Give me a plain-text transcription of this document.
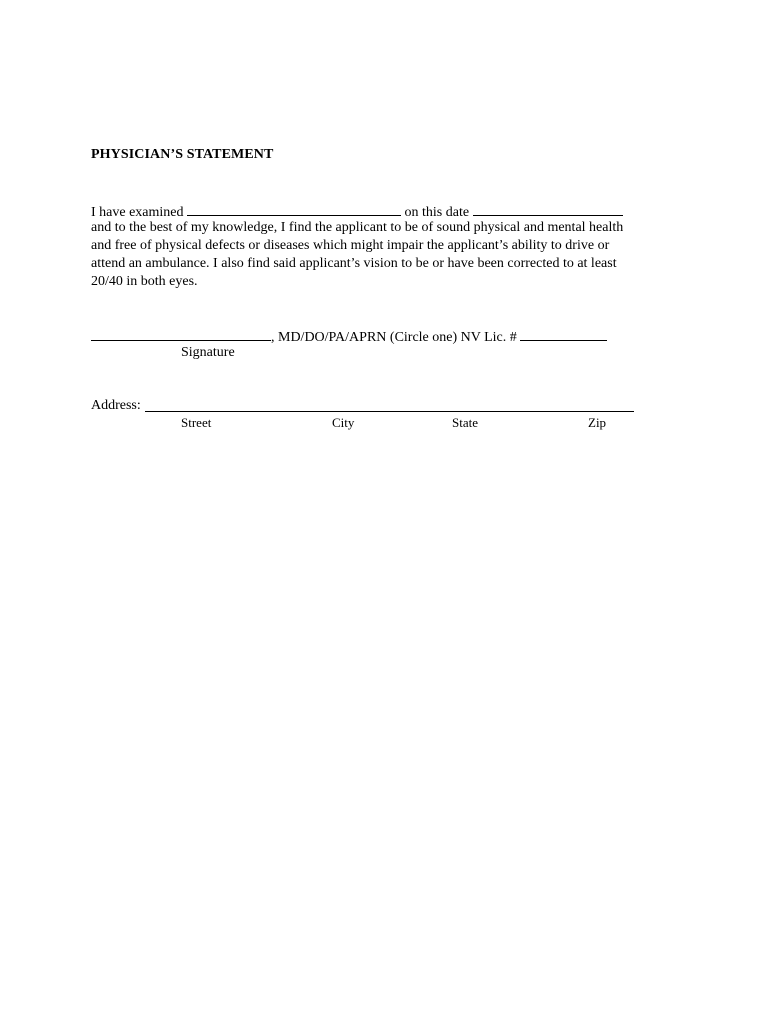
PHYSICIAN’S STATEMENT
I have examined	on this date
and to the best of my knowledge, I find the applicant to be of sound physical and mental health
and free of physical defects or diseases which might impair the applicant’s ability to drive or
attend an ambulance. I also find said applicant’s vision to be or have been corrected to at least
20/40 in both eyes.
, MD/DO/PA/APRN (Circle one) NV Lic. #
Signature
Address:
Street	City	State	Zip
